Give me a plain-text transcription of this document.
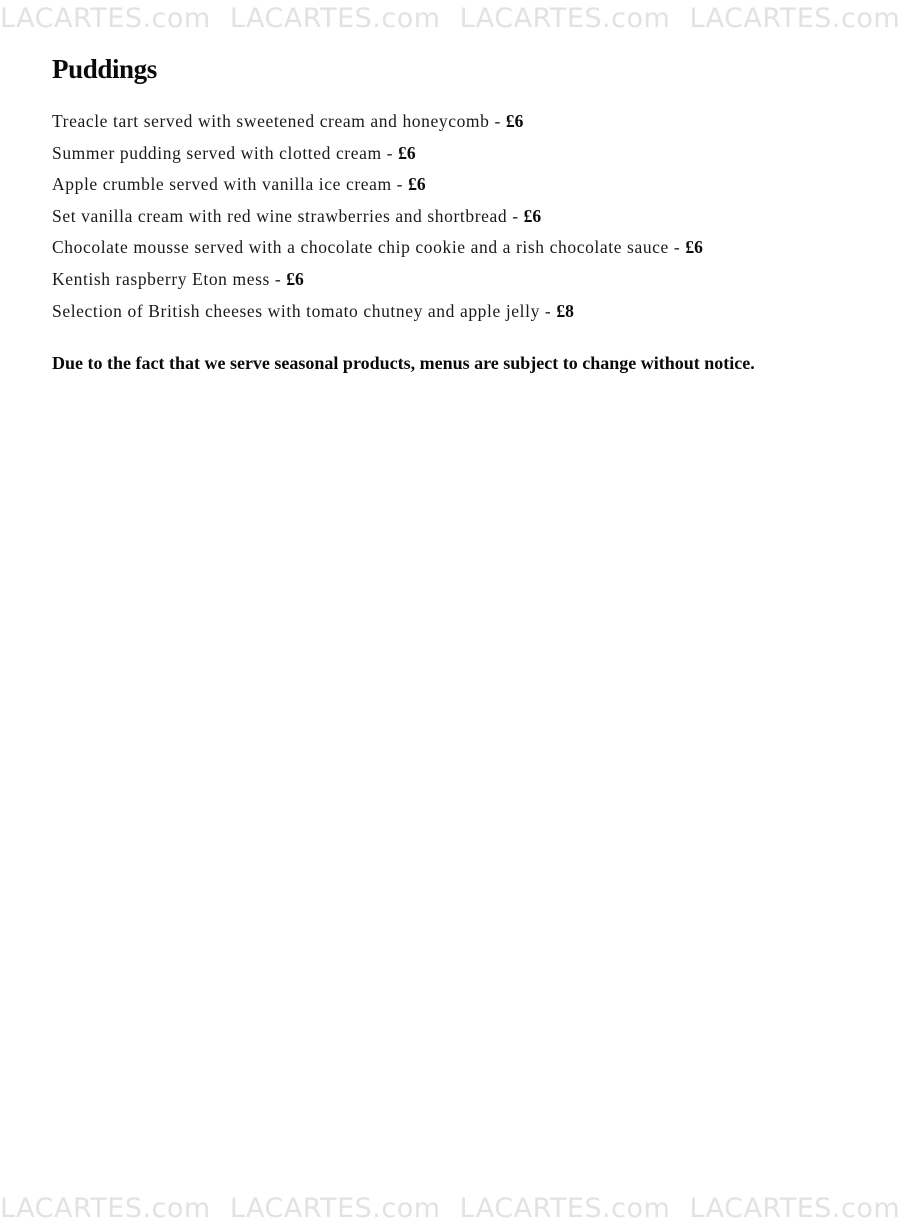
LACARTES.com LACARTES.com LACARTES.com LACARTES.com
Puddings
Treacle tart served with sweetened cream and honeycomb - £6
Summer pudding served with clotted cream - £6
Apple crumble served with vanilla ice cream - £6
Set vanilla cream with red wine strawberries and shortbread - £6
Chocolate mousse served with a chocolate chip cookie and a rish chocolate sauce - £6
Kentish raspberry Eton mess - £6
Selection of British cheeses with tomato chutney and apple jelly - £8

Due to the fact that we serve seasonal products, menus are subject to change without notice.

LACARTES.com LACARTES.com LACARTES.com LACARTES.com
